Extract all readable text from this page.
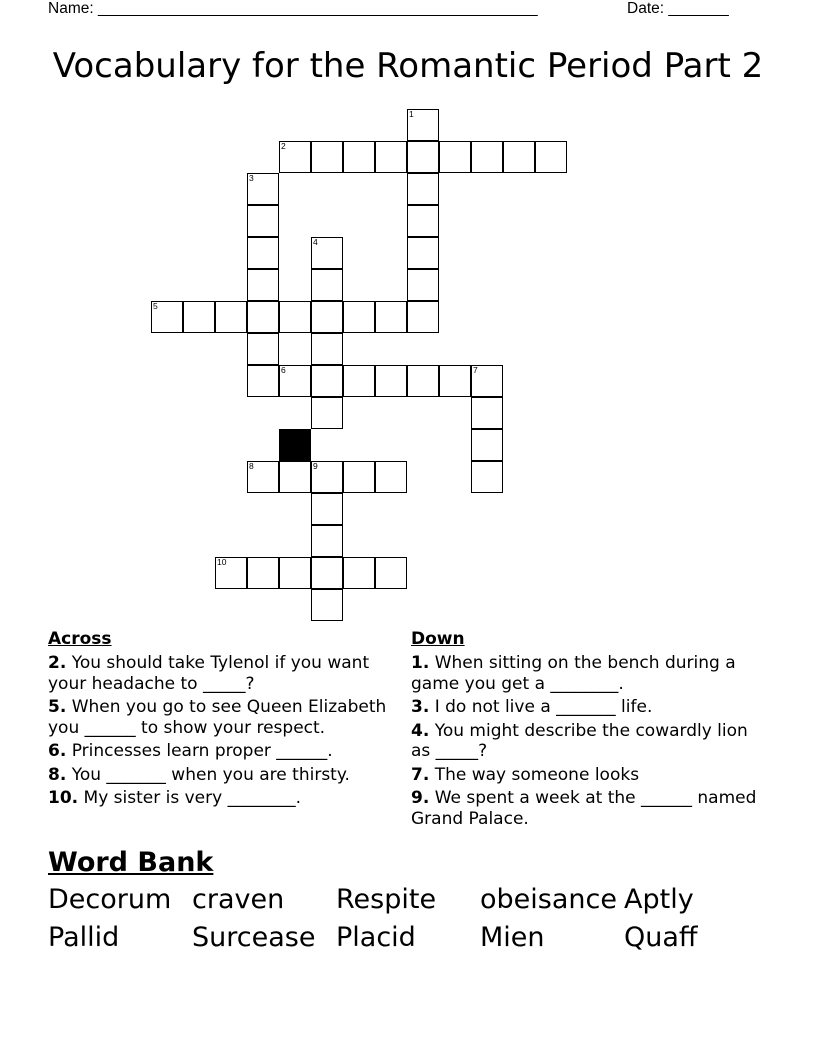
Name: ___________________________________________________	Date: _______
Vocabulary for the Romantic Period Part 2
1
2
3
4
5
6	7
8	9
10
Across
2. You should take Tylenol if you want your headache to _____?
5. When you go to see Queen Elizabeth you ______ to show your respect.
6. Princesses learn proper ______.
8. You _______ when you are thirsty.
10. My sister is very ________.
Down
1. When sitting on the bench during a game you get a ________.
3. I do not live a _______ life.
4. You might describe the cowardly lion as _____?
7. The way someone looks
9. We spent a week at the ______ named Grand Palace.
Word Bank
Decorum craven Respite obeisance Aptly
Pallid	Surcease Placid Mien	Quaff
